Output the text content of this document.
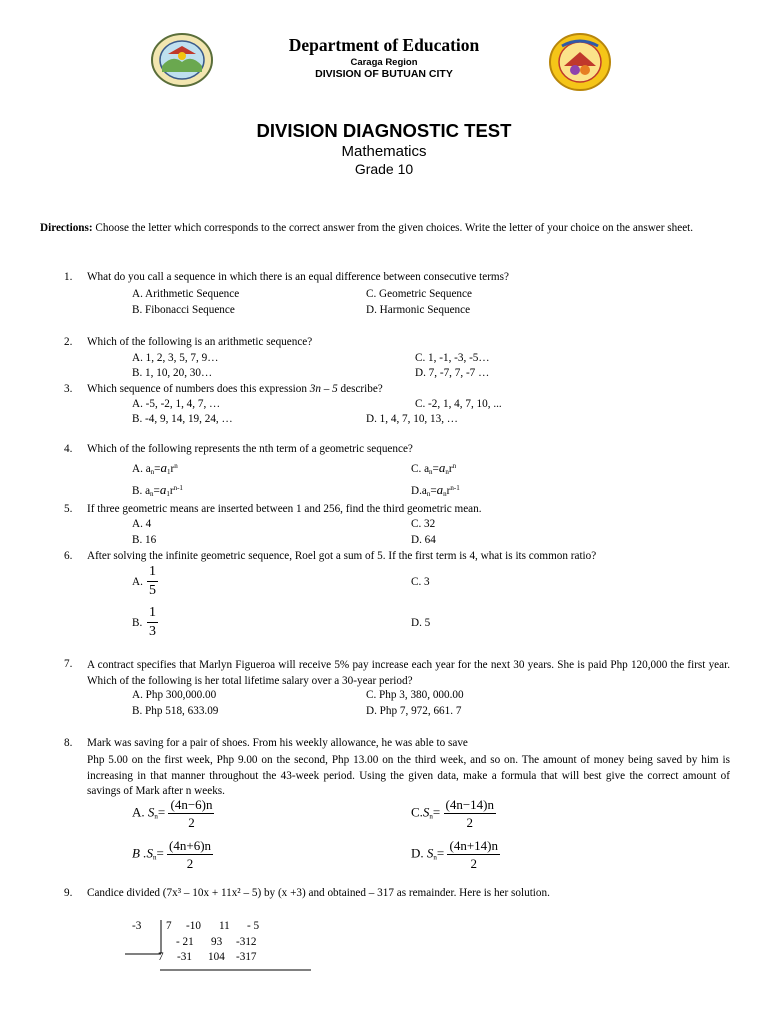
Department of Education
Caraga Region
DIVISION OF BUTUAN CITY
DIVISION DIAGNOSTIC TEST
Mathematics
Grade 10
Directions: Choose the letter which corresponds to the correct answer from the given choices. Write the letter of your choice on the answer sheet.
1. What do you call a sequence in which there is an equal difference between consecutive terms?
A. Arithmetic Sequence
B. Fibonacci Sequence
C. Geometric Sequence
D. Harmonic Sequence
2. Which of the following is an arithmetic sequence?
A. 1, 2, 3, 5, 7, 9…
B. 1, 10, 20, 30…
C. 1, -1, -3, -5…
D. 7, -7, 7, -7 …
3. Which sequence of numbers does this expression 3n – 5 describe?
A. -5, -2, 1, 4, 7, …
B. -4, 9, 14, 19, 24, …
C. -2, 1, 4, 7, 10, ...
D. 1, 4, 7, 10, 13, …
4. Which of the following represents the nth term of a geometric sequence?
A. $a_n=a_1r^n$
B. $a_n=a_1r^{n-1}$
C. $a_n=a_nr^n$
$D.a_n=a_nr^{n-1}$
5. If three geometric means are inserted between 1 and 256, find the third geometric mean.
A. 4
B. 16
C. 32
D. 64
6. After solving the infinite geometric sequence, Roel got a sum of 5. If the first term is 4, what is its common ratio?
A.
1
5
B.
1
3
C. 3
D. 5
7. A contract specifies that Marlyn Figueroa will receive 5% pay increase each year for the next 30 years. She is paid Php 120,000 the first year. Which of the following is her total lifetime salary over a 30-year period?
A. Php 300,000.00
B. Php 518, 633.09
C. Php 3, 380, 000.00
D. Php 7, 972, 661. 7
8. Mark was saving for a pair of shoes. From his weekly allowance, he was able to save
Php 5.00 on the first week, Php 9.00 on the second, Php 13.00 on the third week, and so on. The amount of money being saved by him is increasing in that manner throughout the 43-week period. Using the given data, make a formula that will best give the correct amount of savings of Mark after n weeks.
A. $S_n= \frac{(4n-6)n}{2}$
B $.S_n= \frac{(4n+6)n}{2}$
$C.S_n= \frac{(4n-14)n}{2}$
D. $S_n= \frac{(4n+14)n}{2}$
9. Candice divided (7x³ – 10x + 11x² – 5) by (x +3) and obtained – 317 as remainder. Here is her solution.
-3 7 -10 11 - 5
- 21 93 -312
7 -31 104 -317
